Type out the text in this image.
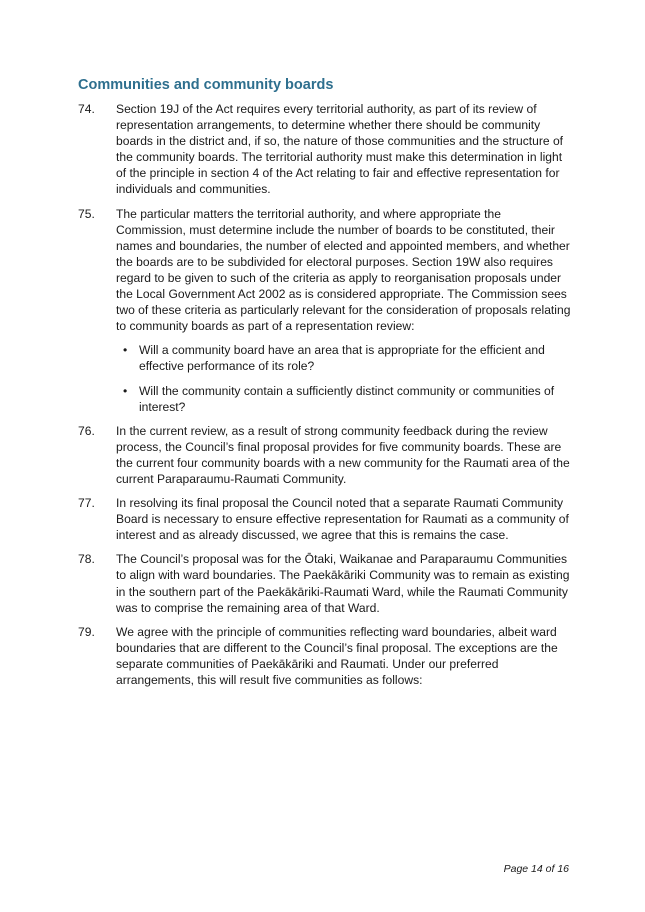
Communities and community boards
74. Section 19J of the Act requires every territorial authority, as part of its review of representation arrangements, to determine whether there should be community boards in the district and, if so, the nature of those communities and the structure of the community boards. The territorial authority must make this determination in light of the principle in section 4 of the Act relating to fair and effective representation for individuals and communities.
75. The particular matters the territorial authority, and where appropriate the Commission, must determine include the number of boards to be constituted, their names and boundaries, the number of elected and appointed members, and whether the boards are to be subdivided for electoral purposes. Section 19W also requires regard to be given to such of the criteria as apply to reorganisation proposals under the Local Government Act 2002 as is considered appropriate. The Commission sees two of these criteria as particularly relevant for the consideration of proposals relating to community boards as part of a representation review:
• Will a community board have an area that is appropriate for the efficient and effective performance of its role?
• Will the community contain a sufficiently distinct community or communities of interest?
76. In the current review, as a result of strong community feedback during the review process, the Council’s final proposal provides for five community boards. These are the current four community boards with a new community for the Raumati area of the current Paraparaumu-Raumati Community.
77. In resolving its final proposal the Council noted that a separate Raumati Community Board is necessary to ensure effective representation for Raumati as a community of interest and as already discussed, we agree that this is remains the case.
78. The Council’s proposal was for the Ōtaki, Waikanae and Paraparaumu Communities to align with ward boundaries. The Paekākāriki Community was to remain as existing in the southern part of the Paekākāriki-Raumati Ward, while the Raumati Community was to comprise the remaining area of that Ward.
79. We agree with the principle of communities reflecting ward boundaries, albeit ward boundaries that are different to the Council’s final proposal. The exceptions are the separate communities of Paekākāriki and Raumati. Under our preferred arrangements, this will result five communities as follows:
Page 14 of 16
